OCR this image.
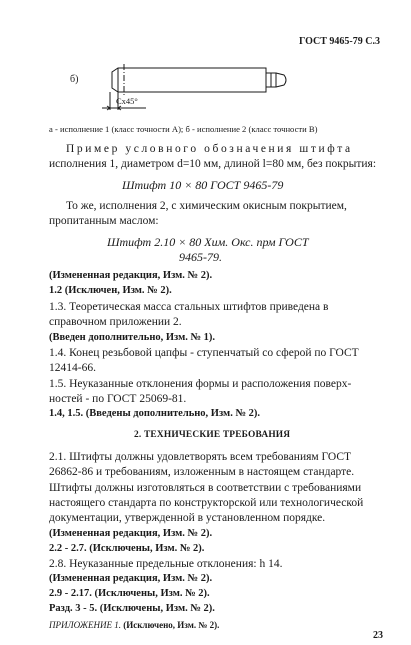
ГОСТ 9465-79 С.3
б)
Сх45°
а - исполнение 1 (класс точности А); б - исполнение 2 (класс точности В)
Пример условного обозначения штифта
исполнения 1, диаметром d=10 мм, длиной l=80 мм, без покрытия:
Штифт 10 × 80 ГОСТ 9465-79
То же, исполнения 2, с химическим окисным покрытием,
пропитанным маслом:
Штифт 2.10 × 80 Хим. Окс. прм ГОСТ
9465-79.
(Измененная редакция, Изм. № 2).
1.2 (Исключен, Изм. № 2).
1.3. Теоретическая масса стальных штифтов приведена в
справочном приложении 2.
(Введен дополнительно, Изм. № 1).
1.4. Конец резьбовой цапфы - ступенчатый со сферой по ГОСТ
12414-66.
1.5. Неуказанные отклонения формы и расположения поверх-
ностей - по ГОСТ 25069-81.
1.4, 1.5. (Введены дополнительно, Изм. № 2).
2. ТЕХНИЧЕСКИЕ ТРЕБОВАНИЯ
2.1. Штифты должны удовлетворять всем требованиям ГОСТ
26862-86 и требованиям, изложенным в настоящем стандарте.
Штифты должны изготовляться в соответствии с требованиями
настоящего стандарта по конструкторской или технологической
документации, утвержденной в установленном порядке.
(Измененная редакция, Изм. № 2).
2.2 - 2.7. (Исключены, Изм. № 2).
2.8. Неуказанные предельные отклонения: h 14.
(Измененная редакция, Изм. № 2).
2.9 - 2.17. (Исключены, Изм. № 2).
Разд. 3 - 5. (Исключены, Изм. № 2).
ПРИЛОЖЕНИЕ 1. (Исключено, Изм. № 2).
23
